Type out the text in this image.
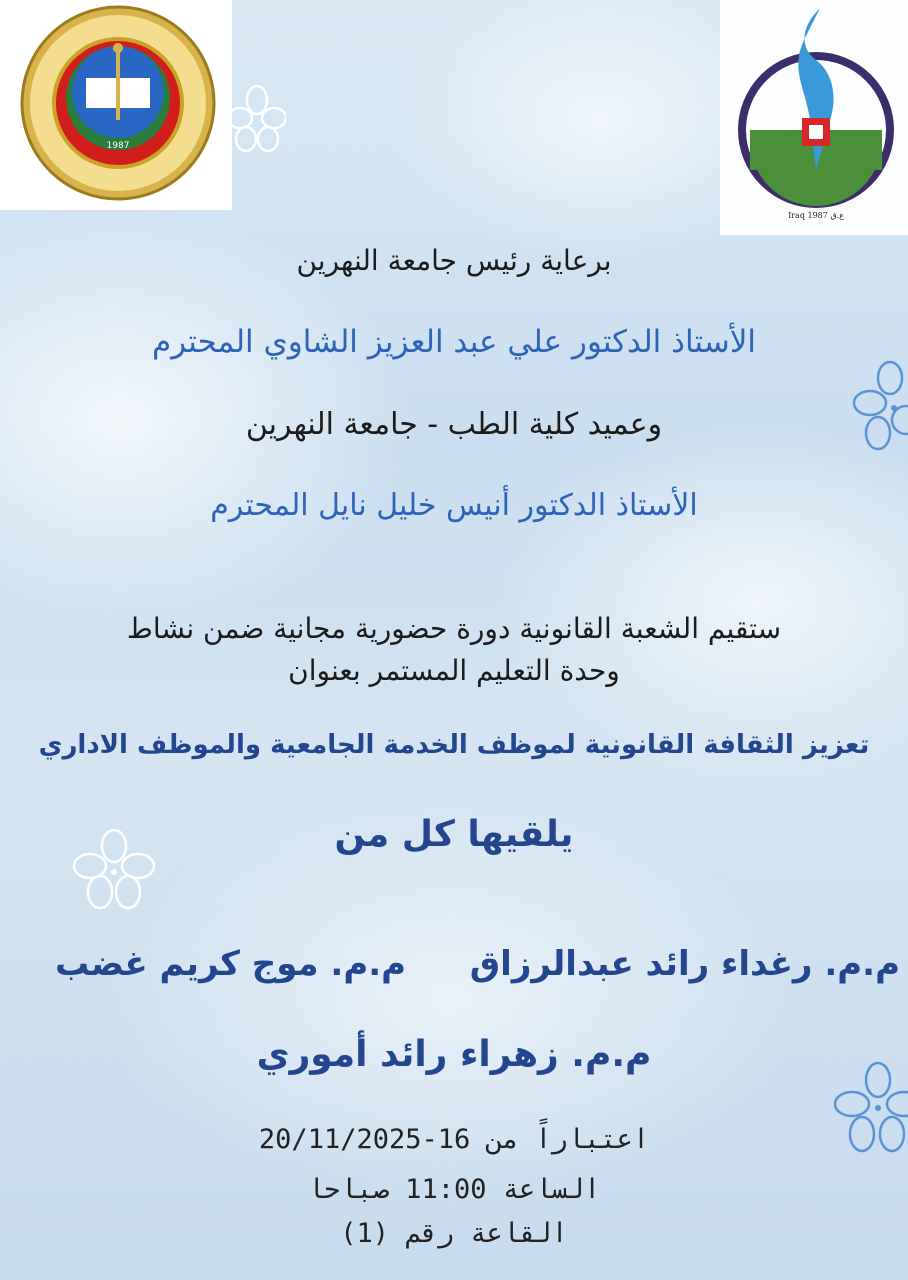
1987
Iraq 1987 ع.ق
برعاية رئيس جامعة النهرين
الأستاذ الدكتور علي عبد العزيز الشاوي المحترم
وعميد كلية الطب - جامعة النهرين
الأستاذ الدكتور أنيس خليل نايل المحترم
ستقيم الشعبة القانونية دورة حضورية مجانية ضمن نشاط
وحدة التعليم المستمر بعنوان
تعزيز الثقافة القانونية لموظف الخدمة الجامعية والموظف الاداري
يلقيها كل من
م.م. رغداء رائد عبدالرزاق  م.م. موج كريم غضب
م.م. زهراء رائد أموري
اعتباراً من 16-20/11/2025
الساعة 11:00 صباحا
القاعة رقم (1)
